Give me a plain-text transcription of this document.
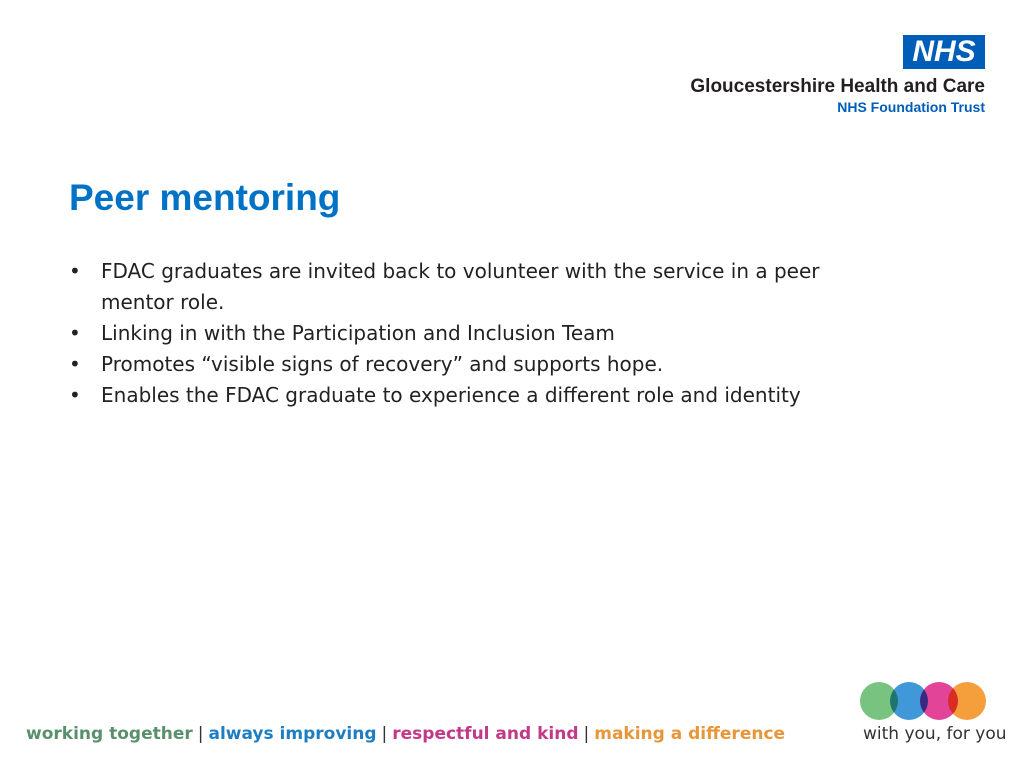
NHS
Gloucestershire Health and Care
NHS Foundation Trust
Peer mentoring
• FDAC graduates are invited back to volunteer with the service in a peer mentor role.
• Linking in with the Participation and Inclusion Team
• Promotes “visible signs of recovery” and supports hope.
• Enables the FDAC graduate to experience a different role and identity
working together | always improving | respectful and kind | making a difference	with you, for you
